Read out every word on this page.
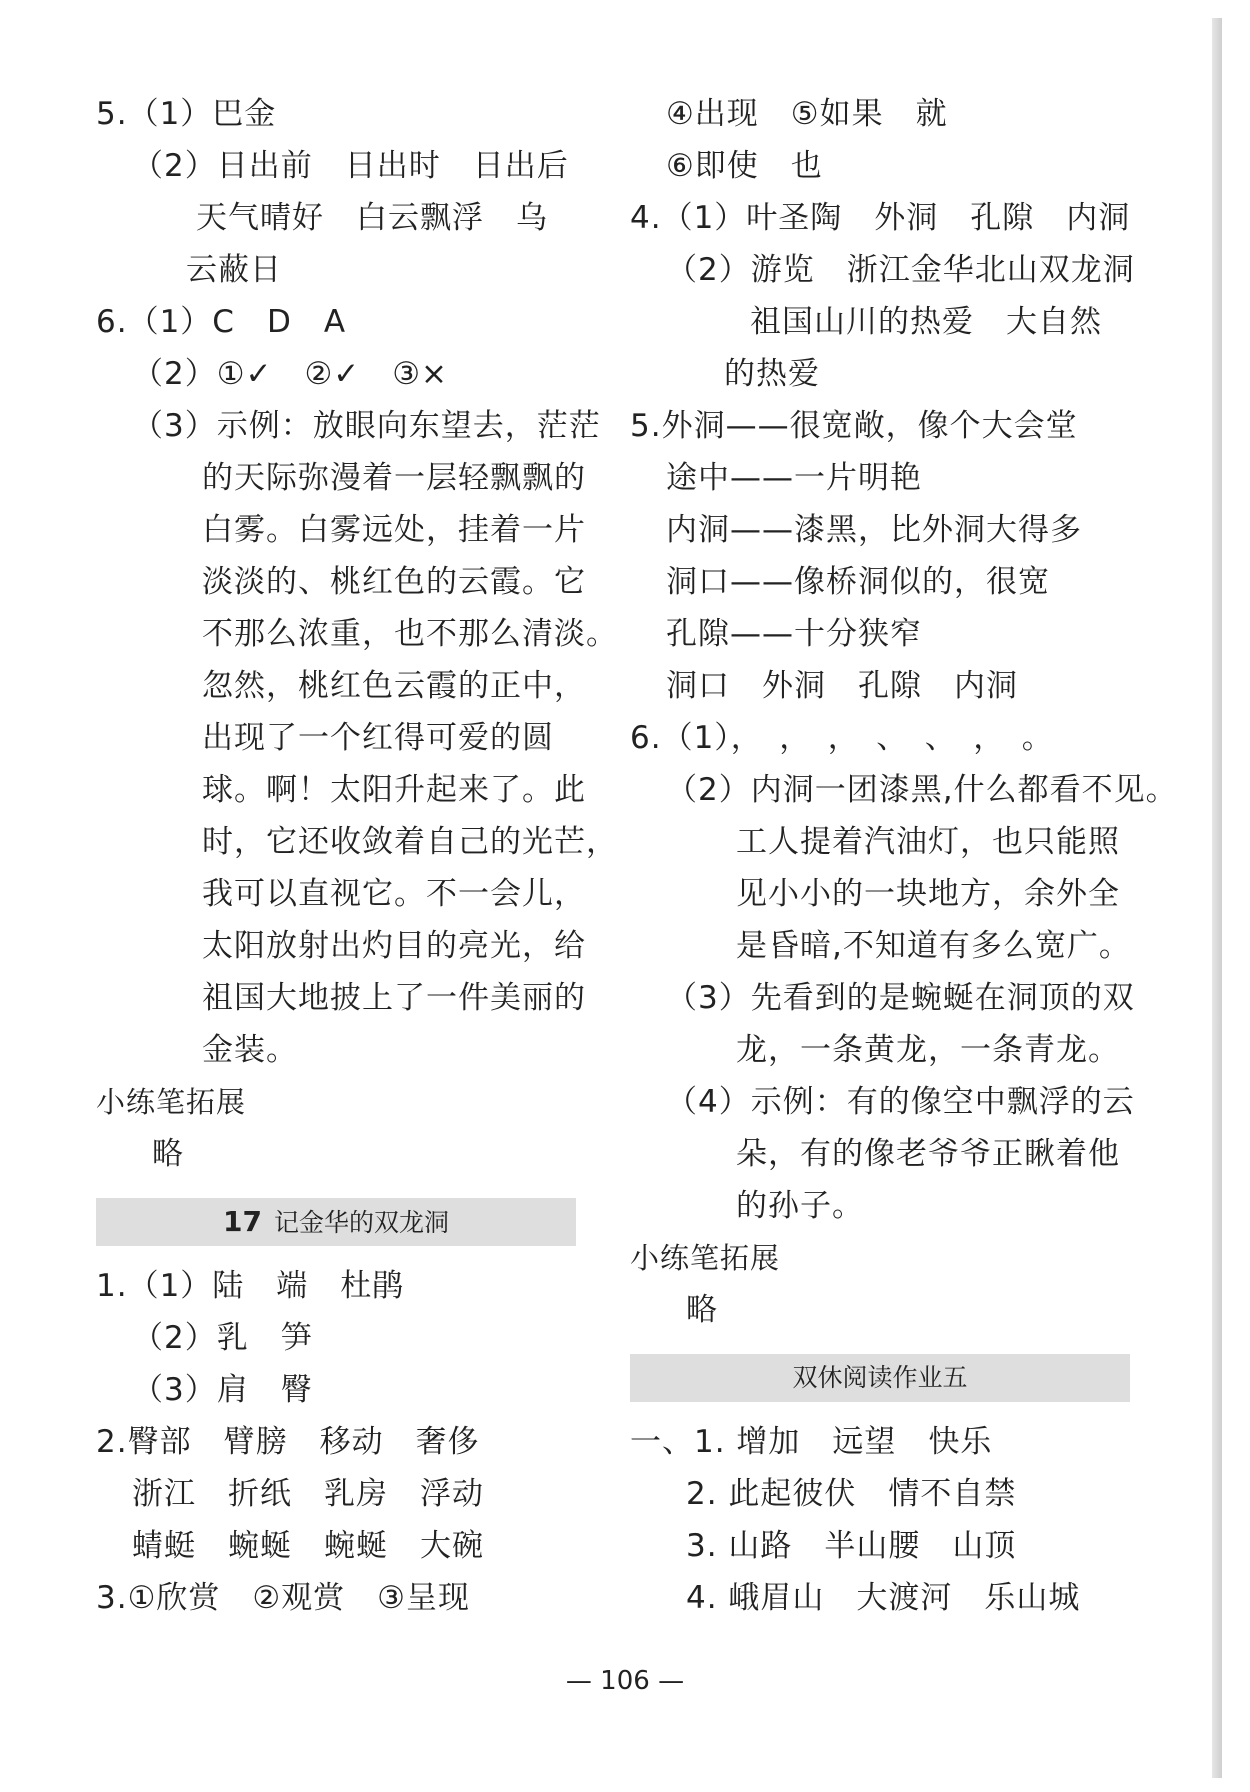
5.（1）巴金
（2）日出前　日出时　日出后
天气晴好　白云飘浮　乌
云蔽日
6.（1）C　D　A
（2）①✓　②✓　③×
（3）示例：放眼向东望去，茫茫
的天际弥漫着一层轻飘飘的
白雾。白雾远处，挂着一片
淡淡的、桃红色的云霞。它
不那么浓重，也不那么清淡。
忽然，桃红色云霞的正中，
出现了一个红得可爱的圆
球。啊！太阳升起来了。此
时，它还收敛着自己的光芒，
我可以直视它。不一会儿，
太阳放射出灼目的亮光，给
祖国大地披上了一件美丽的
金装。
小练笔拓展
略
17 记金华的双龙洞
1.（1）陆　端　杜鹃
（2）乳　笋
（3）肩　臀
2.臀部　臂膀　移动　奢侈
浙江　折纸　乳房　浮动
蜻蜓　蜿蜒　蜿蜒　大碗
3.①欣赏　②观赏　③呈现
④出现　⑤如果　就
⑥即使　也
4.（1）叶圣陶　外洞　孔隙　内洞
（2）游览　浙江金华北山双龙洞
祖国山川的热爱　大自然
的热爱
5.外洞——很宽敞，像个大会堂
途中——一片明艳
内洞——漆黑，比外洞大得多
洞口——像桥洞似的，很宽
孔隙——十分狭窄
洞口　外洞　孔隙　内洞
6.（1），　，　，　、　、　，　。
（2）内洞一团漆黑,什么都看不见。
工人提着汽油灯，也只能照
见小小的一块地方，余外全
是昏暗,不知道有多么宽广。
（3）先看到的是蜿蜒在洞顶的双
龙，一条黄龙，一条青龙。
（4）示例：有的像空中飘浮的云
朵，有的像老爷爷正瞅着他
的孙子。
小练笔拓展
略
双休阅读作业五
一、1. 增加　远望　快乐
2. 此起彼伏　情不自禁
3. 山路　半山腰　山顶
4. 峨眉山　大渡河　乐山城
— 106 —
